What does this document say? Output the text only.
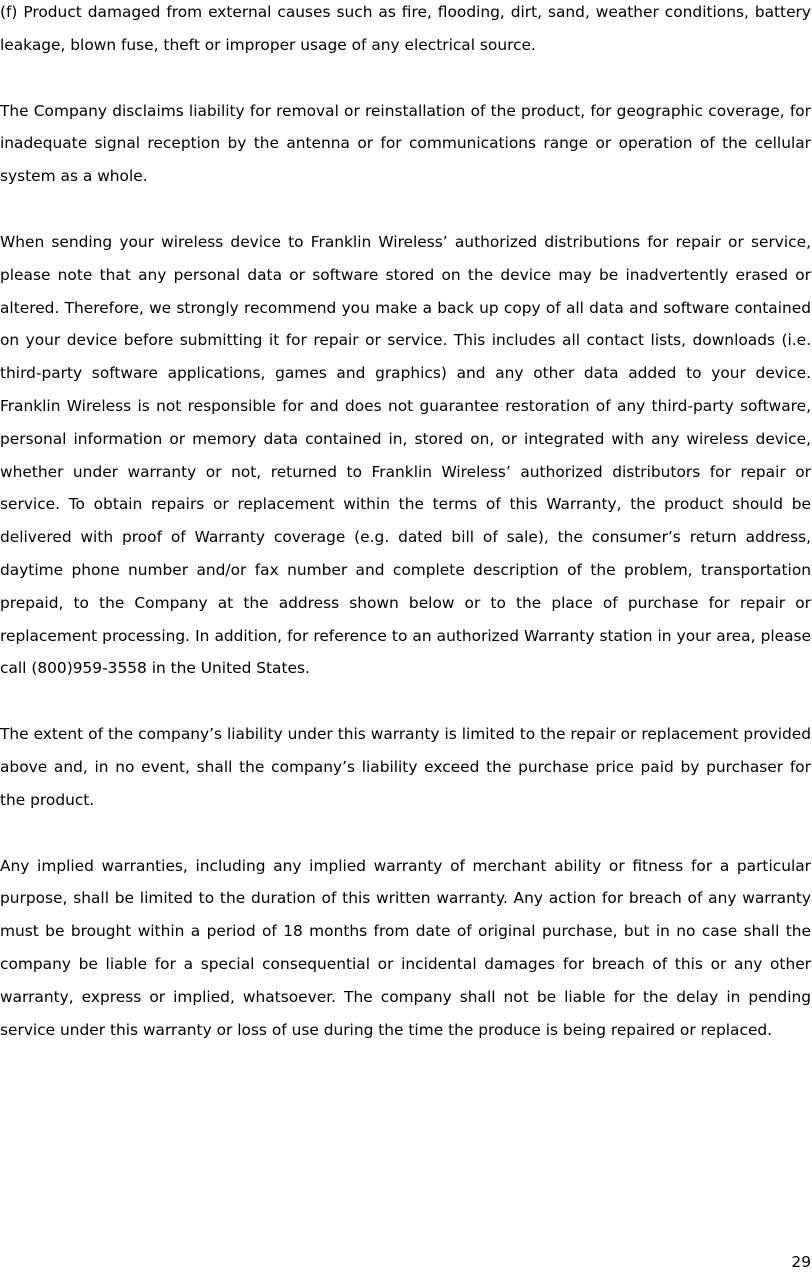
(f) Product damaged from external causes such as fire, flooding, dirt, sand, weather conditions, battery leakage, blown fuse, theft or improper usage of any electrical source.

The Company disclaims liability for removal or reinstallation of the product, for geographic coverage, for inadequate signal reception by the antenna or for communications range or operation of the cellular system as a whole.

When sending your wireless device to Franklin Wireless’ authorized distributions for repair or service, please note that any personal data or software stored on the device may be inadvertently erased or altered. Therefore, we strongly recommend you make a back up copy of all data and software contained on your device before submitting it for repair or service. This includes all contact lists, downloads (i.e. third-party software applications, games and graphics) and any other data added to your device. Franklin Wireless is not responsible for and does not guarantee restoration of any third-party software, personal information or memory data contained in, stored on, or integrated with any wireless device, whether under warranty or not, returned to Franklin Wireless’ authorized distributors for repair or service. To obtain repairs or replacement within the terms of this Warranty, the product should be delivered with proof of Warranty coverage (e.g. dated bill of sale), the consumer’s return address, daytime phone number and/or fax number and complete description of the problem, transportation prepaid, to the Company at the address shown below or to the place of purchase for repair or replacement processing. In addition, for reference to an authorized Warranty station in your area, please call (800)959-3558 in the United States.

The extent of the company’s liability under this warranty is limited to the repair or replacement provided above and, in no event, shall the company’s liability exceed the purchase price paid by purchaser for the product.

Any implied warranties, including any implied warranty of merchant ability or fitness for a particular purpose, shall be limited to the duration of this written warranty. Any action for breach of any warranty must be brought within a period of 18 months from date of original purchase, but in no case shall the company be liable for a special consequential or incidental damages for breach of this or any other warranty, express or implied, whatsoever. The company shall not be liable for the delay in pending service under this warranty or loss of use during the time the produce is being repaired or replaced.

29
